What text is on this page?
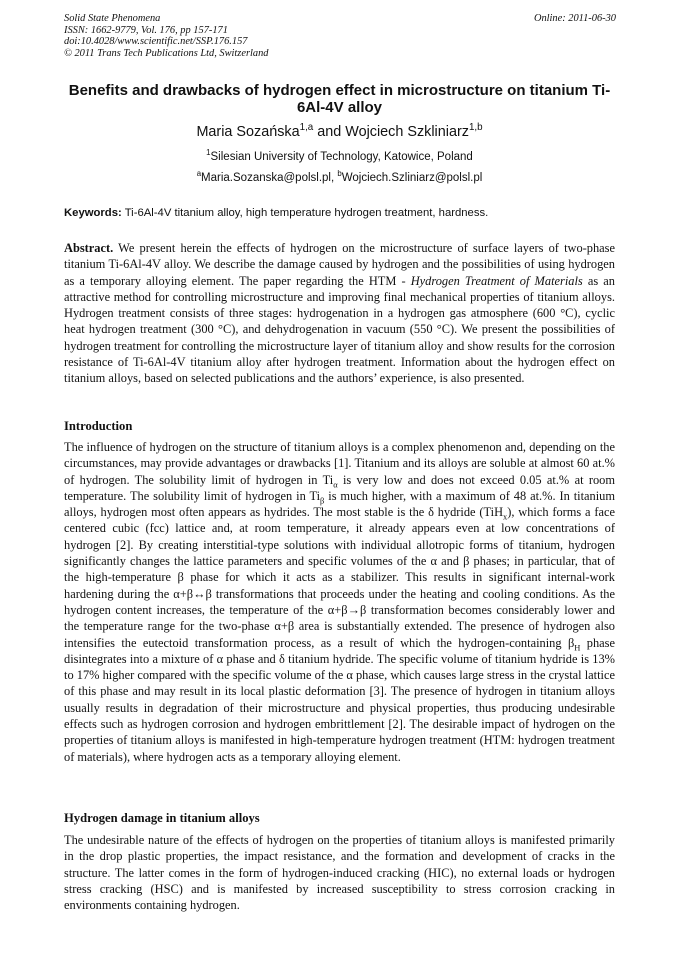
Solid State Phenomena
ISSN: 1662-9779, Vol. 176, pp 157-171
doi:10.4028/www.scientific.net/SSP.176.157
© 2011 Trans Tech Publications Ltd, Switzerland
Online: 2011-06-30
Benefits and drawbacks of hydrogen effect in microstructure on titanium Ti-6Al-4V alloy
Maria Sozańska$^{1,a}$ and Wojciech Szkliniarz$^{1,b}$
$^1$Silesian University of Technology, Katowice, Poland
$^a$Maria.Sozanska@polsl.pl, $^b$Wojciech.Szliniarz@polsl.pl
Keywords: Ti-6Al-4V titanium alloy, high temperature hydrogen treatment, hardness.
Abstract. We present herein the effects of hydrogen on the microstructure of surface layers of two-phase titanium Ti-6Al-4V alloy. We describe the damage caused by hydrogen and the possibilities of using hydrogen as a temporary alloying element. The paper regarding the HTM - Hydrogen Treatment of Materials as an attractive method for controlling microstructure and improving final mechanical properties of titanium alloys. Hydrogen treatment consists of three stages: hydrogenation in a hydrogen gas atmosphere (600 °C), cyclic heat hydrogen treatment (300 °C), and dehydrogenation in vacuum (550 °C). We present the possibilities of hydrogen treatment for controlling the microstructure layer of titanium alloy and show results for the corrosion resistance of Ti-6Al-4V titanium alloy after hydrogen treatment. Information about the hydrogen effect on titanium alloys, based on selected publications and the authors’ experience, is also presented.
Introduction
The influence of hydrogen on the structure of titanium alloys is a complex phenomenon and, depending on the circumstances, may provide advantages or drawbacks [1]. Titanium and its alloys are soluble at almost 60 at.% of hydrogen. The solubility limit of hydrogen in $Ti_\alpha$ is very low and does not exceed 0.05 at.% at room temperature. The solubility limit of hydrogen in $Ti_\beta$ is much higher, with a maximum of 48 at.%. In titanium alloys, hydrogen most often appears as hydrides. The most stable is the δ hydride (TiH$_x$), which forms a face centered cubic (fcc) lattice and, at room temperature, it already appears even at low concentrations of hydrogen [2]. By creating interstitial-type solutions with individual allotropic forms of titanium, hydrogen significantly changes the lattice parameters and specific volumes of the α and β phases; in particular, that of the high-temperature β phase for which it acts as a stabilizer. This results in significant internal-work hardening during the α+β↔β transformations that proceeds under the heating and cooling conditions. As the hydrogen content increases, the temperature of the α+β→β transformation becomes considerably lower and the temperature range for the two-phase α+β area is substantially extended. The presence of hydrogen also intensifies the eutectoid transformation process, as a result of which the hydrogen-containing $\beta_H$ phase disintegrates into a mixture of α phase and δ titanium hydride. The specific volume of titanium hydride is 13% to 17% higher compared with the specific volume of the α phase, which causes large stress in the crystal lattice of this phase and may result in its local plastic deformation [3]. The presence of hydrogen in titanium alloys usually results in degradation of their microstructure and physical properties, thus producing undesirable effects such as hydrogen corrosion and hydrogen embrittlement [2]. The desirable impact of hydrogen on the properties of titanium alloys is manifested in high-temperature hydrogen treatment (HTM: hydrogen treatment of materials), where hydrogen acts as a temporary alloying element.
Hydrogen damage in titanium alloys
The undesirable nature of the effects of hydrogen on the properties of titanium alloys is manifested primarily in the drop plastic properties, the impact resistance, and the formation and development of cracks in the structure. The latter comes in the form of hydrogen-induced cracking (HIC), no external loads or hydrogen stress cracking (HSC) and is manifested by increased susceptibility to stress corrosion cracking in environments containing hydrogen.
